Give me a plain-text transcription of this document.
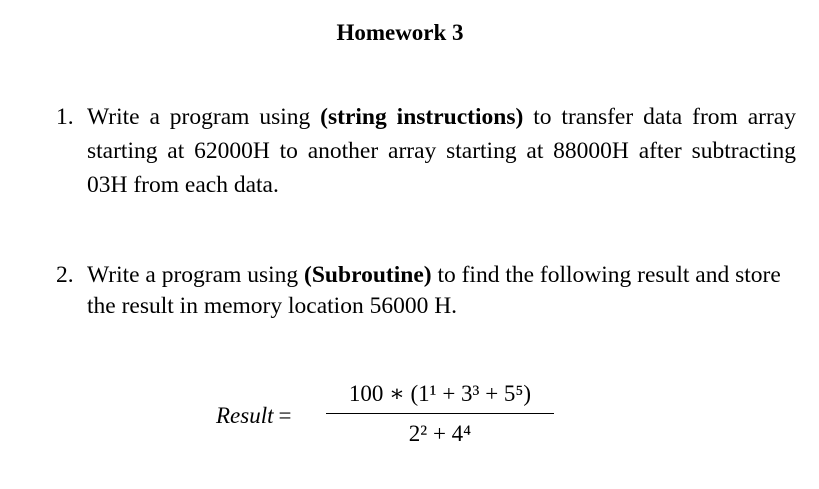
Homework 3
1. Write a program using (string instructions) to transfer data from array starting at 62000H to another array starting at 88000H after subtracting 03H from each data.
2. Write a program using (Subroutine) to find the following result and store the result in memory location 56000 H.
Result =
100 ∗ (1¹ + 3³ + 5⁵)
2² + 4⁴
